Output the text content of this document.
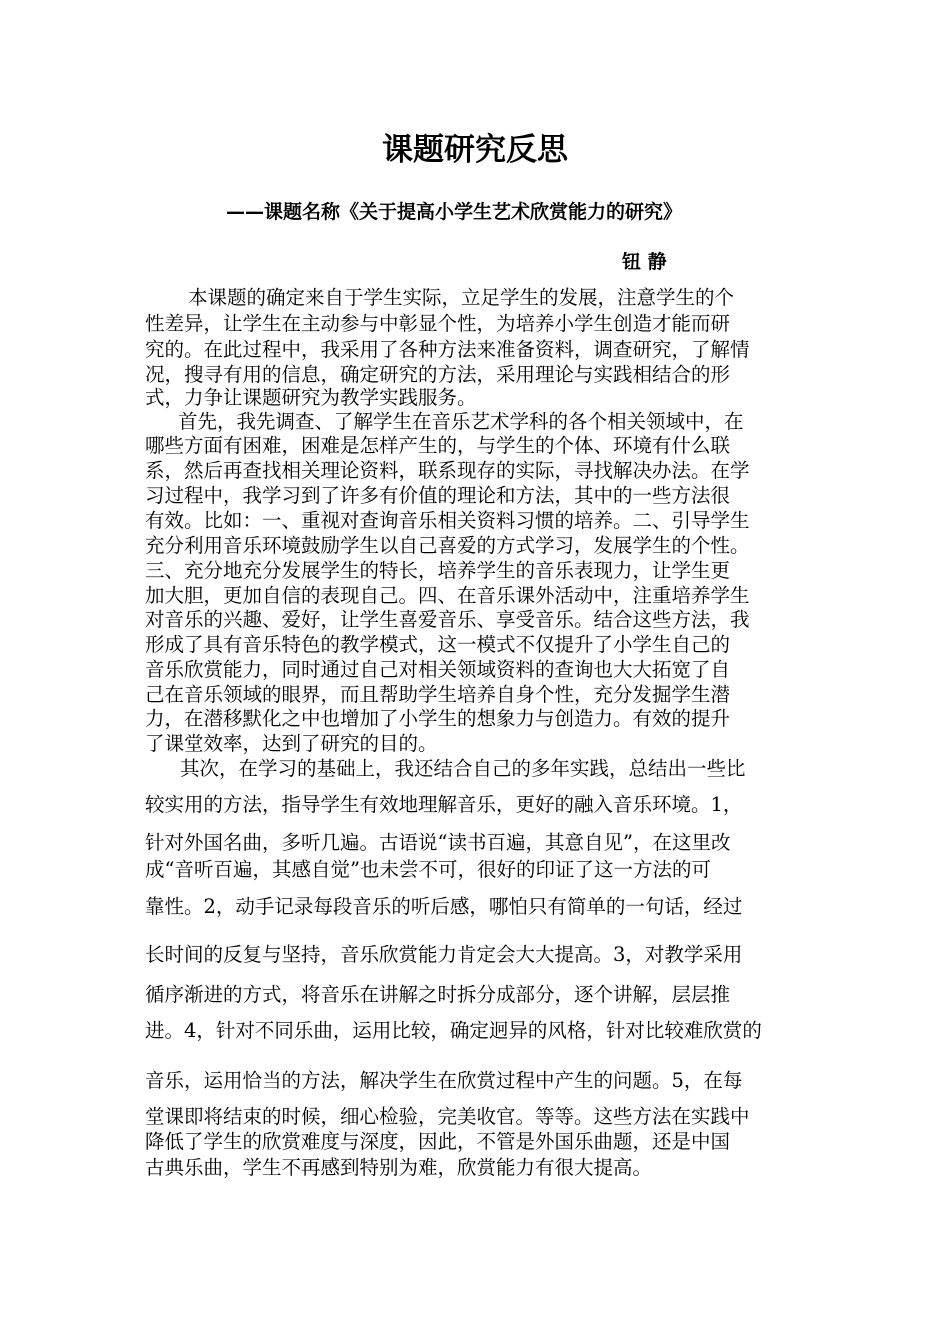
课题研究反思
——课题名称《关于提高小学生艺术欣赏能力的研究》
钮 静
本课题的确定来自于学生实际，立足学生的发展，注意学生的个
性差异，让学生在主动参与中彰显个性，为培养小学生创造才能而研
究的。在此过程中，我采用了各种方法来准备资料，调查研究，了解情
况，搜寻有用的信息，确定研究的方法，采用理论与实践相结合的形
式，力争让课题研究为教学实践服务。
首先，我先调查、了解学生在音乐艺术学科的各个相关领域中，在
哪些方面有困难，困难是怎样产生的，与学生的个体、环境有什么联
系，然后再查找相关理论资料，联系现存的实际，寻找解决办法。在学
习过程中，我学习到了许多有价值的理论和方法，其中的一些方法很
有效。比如：一、重视对查询音乐相关资料习惯的培养。二、引导学生
充分利用音乐环境鼓励学生以自己喜爱的方式学习，发展学生的个性。
三、充分地充分发展学生的特长，培养学生的音乐表现力，让学生更
加大胆，更加自信的表现自己。四、在音乐课外活动中，注重培养学生
对音乐的兴趣、爱好，让学生喜爱音乐、享受音乐。结合这些方法，我
形成了具有音乐特色的教学模式，这一模式不仅提升了小学生自己的
音乐欣赏能力，同时通过自己对相关领域资料的查询也大大拓宽了自
己在音乐领域的眼界，而且帮助学生培养自身个性，充分发掘学生潜
力，在潜移默化之中也增加了小学生的想象力与创造力。有效的提升
了课堂效率，达到了研究的目的。
其次，在学习的基础上，我还结合自己的多年实践，总结出一些比
较实用的方法，指导学生有效地理解音乐，更好的融入音乐环境。1，
针对外国名曲，多听几遍。古语说“读书百遍，其意自见”，在这里改
成“音听百遍，其感自觉”也未尝不可，很好的印证了这一方法的可
靠性。2，动手记录每段音乐的听后感，哪怕只有简单的一句话，经过
长时间的反复与坚持，音乐欣赏能力肯定会大大提高。3，对教学采用
循序渐进的方式，将音乐在讲解之时拆分成部分，逐个讲解，层层推
进。4，针对不同乐曲，运用比较，确定迥异的风格，针对比较难欣赏的
音乐，运用恰当的方法，解决学生在欣赏过程中产生的问题。5，在每
堂课即将结束的时候，细心检验，完美收官。等等。这些方法在实践中
降低了学生的欣赏难度与深度，因此，不管是外国乐曲题，还是中国
古典乐曲，学生不再感到特别为难，欣赏能力有很大提高。
